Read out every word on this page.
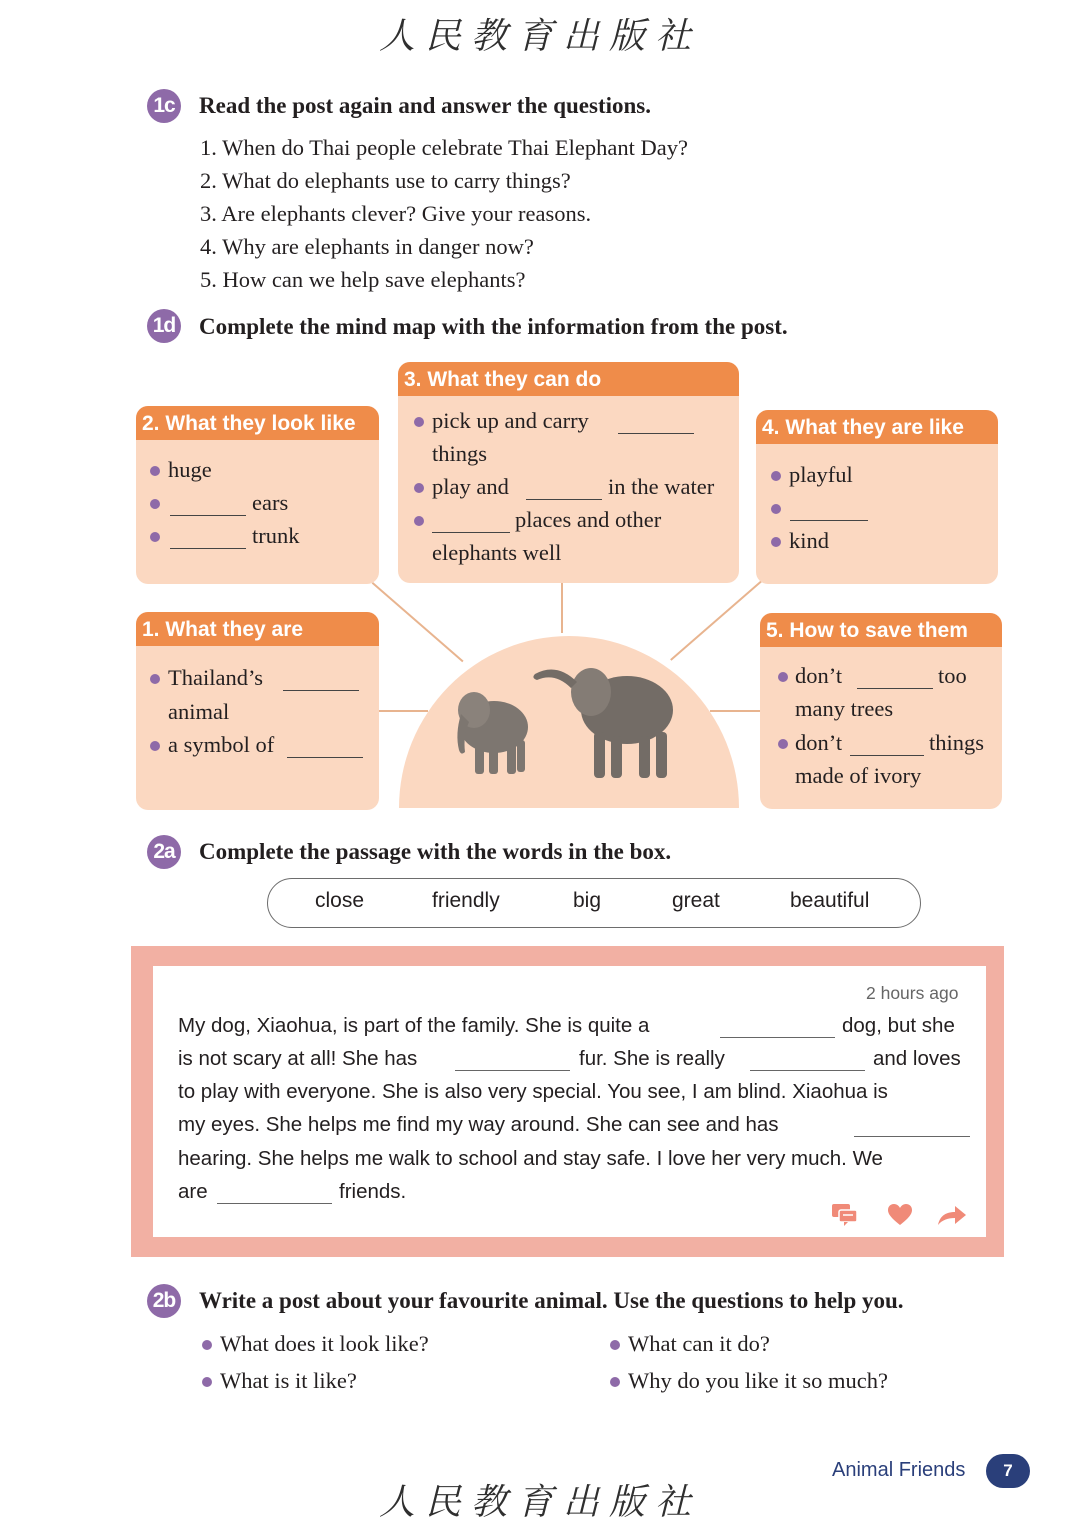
人民教育出版社
1c Read the post again and answer the questions.
1. When do Thai people celebrate Thai Elephant Day?
2. What do elephants use to carry things?
3. Are elephants clever? Give your reasons.
4. Why are elephants in danger now?
5. How can we help save elephants?
1d Complete the mind map with the information from the post.
1. What they are
Thailand’s
animal
a symbol of
2. What they look like
huge
ears
trunk
3. What they can do
pick up and carry
things
play and	in the water
places and other
elephants well
4. What they are like
playful
kind
5. How to save them
don’t	too
many trees
don’t	things
made of ivory
2a Complete the passage with the words in the box.
close	friendly	big	great	beautiful
2 hours ago
My dog, Xiaohua, is part of the family. She is quite a	dog, but she
is not scary at all! She has	fur. She is really	and loves
to play with everyone. She is also very special. You see, I am blind. Xiaohua is
my eyes. She helps me find my way around. She can see and has
hearing. She helps me walk to school and stay safe. I love her very much. We
are	friends.
2b Write a post about your favourite animal. Use the questions to help you.
What does it look like?	What can it do?
What is it like?	Why do you like it so much?
Animal Friends	7
人民教育出版社
